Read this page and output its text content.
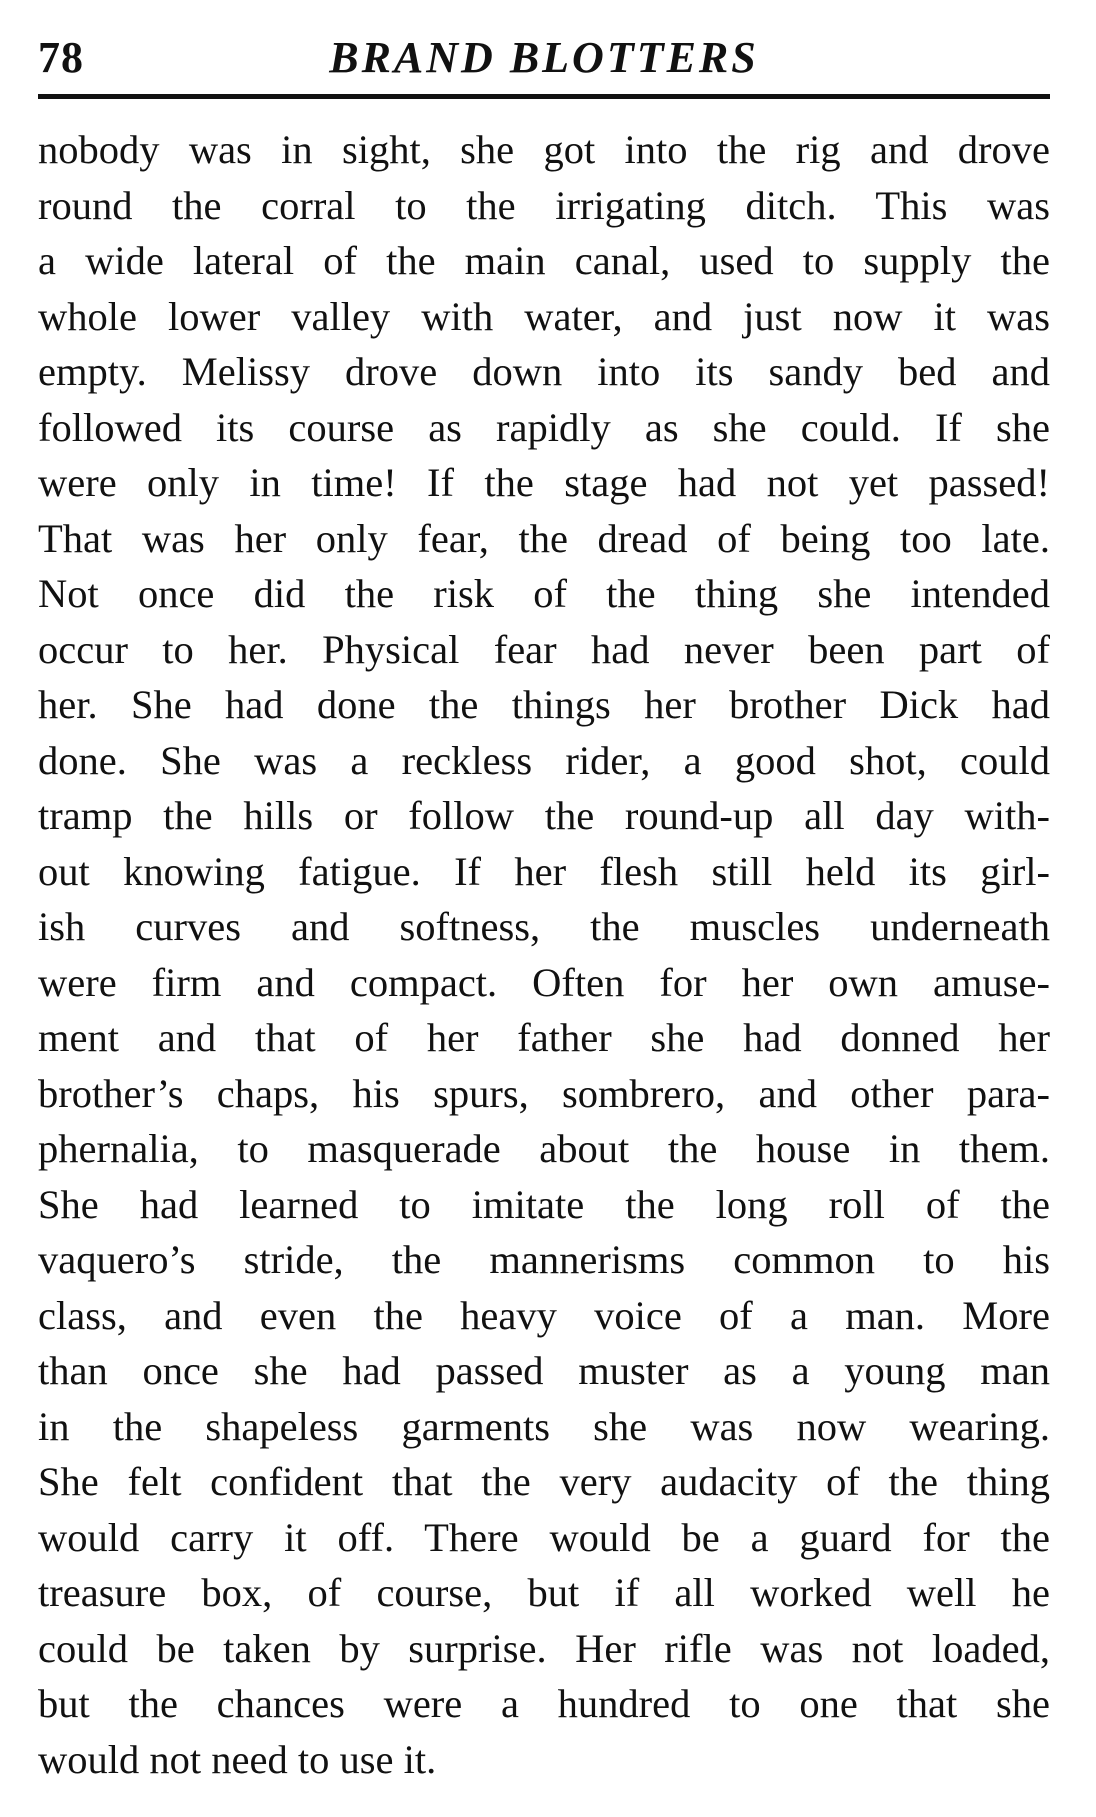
78	BRAND BLOTTERS
nobody was in sight, she got into the rig and drove
round the corral to the irrigating ditch. This was
a wide lateral of the main canal, used to supply the
whole lower valley with water, and just now it was
empty. Melissy drove down into its sandy bed and
followed its course as rapidly as she could. If she
were only in time! If the stage had not yet passed!
That was her only fear, the dread of being too late.
Not once did the risk of the thing she intended
occur to her. Physical fear had never been part of
her. She had done the things her brother Dick had
done. She was a reckless rider, a good shot, could
tramp the hills or follow the round-up all day with-
out knowing fatigue. If her flesh still held its girl-
ish curves and softness, the muscles underneath
were firm and compact. Often for her own amuse-
ment and that of her father she had donned her
brother’s chaps, his spurs, sombrero, and other para-
phernalia, to masquerade about the house in them.
She had learned to imitate the long roll of the
vaquero’s stride, the mannerisms common to his
class, and even the heavy voice of a man. More
than once she had passed muster as a young man
in the shapeless garments she was now wearing.
She felt confident that the very audacity of the thing
would carry it off. There would be a guard for the
treasure box, of course, but if all worked well he
could be taken by surprise. Her rifle was not loaded,
but the chances were a hundred to one that she
would not need to use it.
